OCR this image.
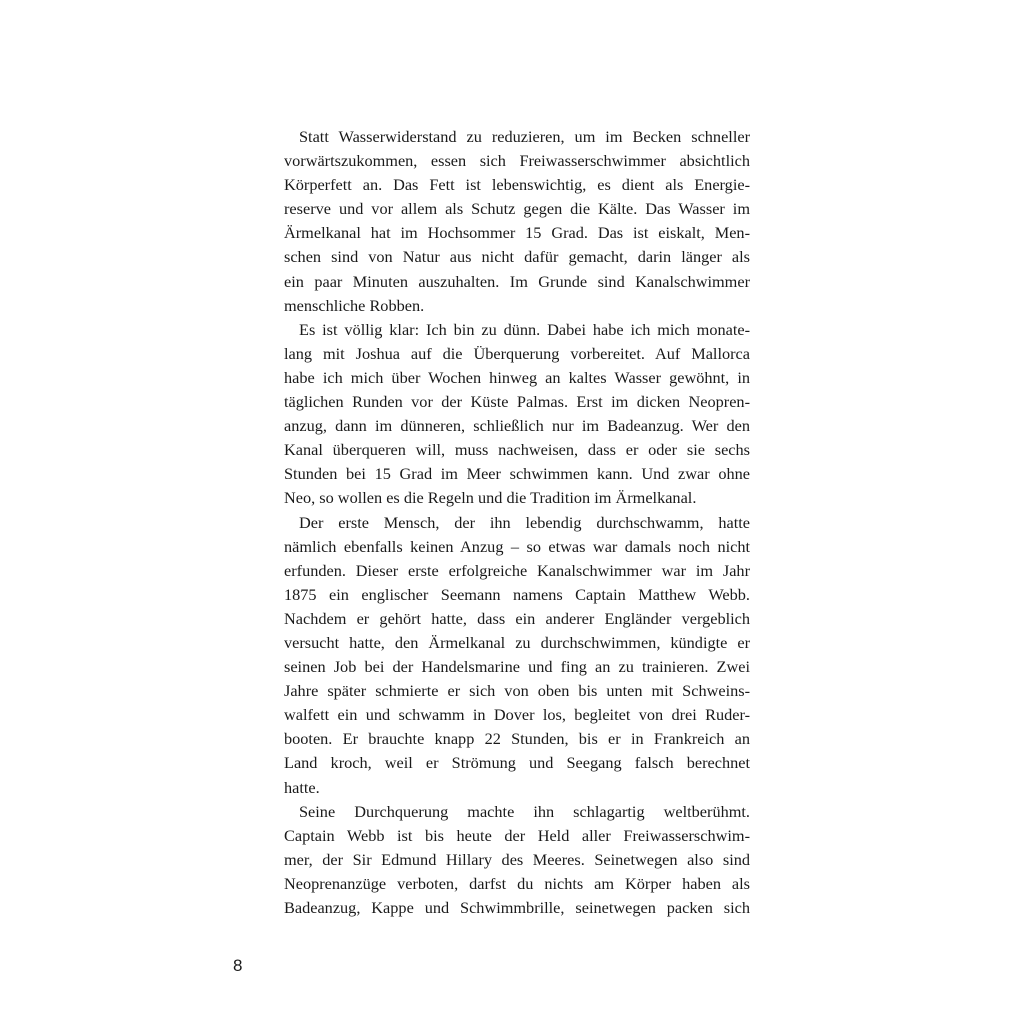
Statt Wasserwiderstand zu reduzieren, um im Becken schneller
vorwärtszukommen, essen sich Freiwasserschwimmer absichtlich
Körperfett an. Das Fett ist lebenswichtig, es dient als Energie-
reserve und vor allem als Schutz gegen die Kälte. Das Wasser im
Ärmelkanal hat im Hochsommer 15 Grad. Das ist eiskalt, Men-
schen sind von Natur aus nicht dafür gemacht, darin länger als
ein paar Minuten auszuhalten. Im Grunde sind Kanalschwimmer
menschliche Robben.
Es ist völlig klar: Ich bin zu dünn. Dabei habe ich mich monate-
lang mit Joshua auf die Überquerung vorbereitet. Auf Mallorca
habe ich mich über Wochen hinweg an kaltes Wasser gewöhnt, in
täglichen Runden vor der Küste Palmas. Erst im dicken Neopren-
anzug, dann im dünneren, schließlich nur im Badeanzug. Wer den
Kanal überqueren will, muss nachweisen, dass er oder sie sechs
Stunden bei 15 Grad im Meer schwimmen kann. Und zwar ohne
Neo, so wollen es die Regeln und die Tradition im Ärmelkanal.
Der erste Mensch, der ihn lebendig durchschwamm, hatte
nämlich ebenfalls keinen Anzug – so etwas war damals noch nicht
erfunden. Dieser erste erfolgreiche Kanalschwimmer war im Jahr
1875 ein englischer Seemann namens Captain Matthew Webb.
Nachdem er gehört hatte, dass ein anderer Engländer vergeblich
versucht hatte, den Ärmelkanal zu durchschwimmen, kündigte er
seinen Job bei der Handelsmarine und fing an zu trainieren. Zwei
Jahre später schmierte er sich von oben bis unten mit Schweins-
walfett ein und schwamm in Dover los, begleitet von drei Ruder-
booten. Er brauchte knapp 22 Stunden, bis er in Frankreich an
Land kroch, weil er Strömung und Seegang falsch berechnet
hatte.
Seine Durchquerung machte ihn schlagartig weltberühmt.
Captain Webb ist bis heute der Held aller Freiwasserschwim-
mer, der Sir Edmund Hillary des Meeres. Seinetwegen also sind
Neoprenanzüge verboten, darfst du nichts am Körper haben als
Badeanzug, Kappe und Schwimmbrille, seinetwegen packen sich
8
